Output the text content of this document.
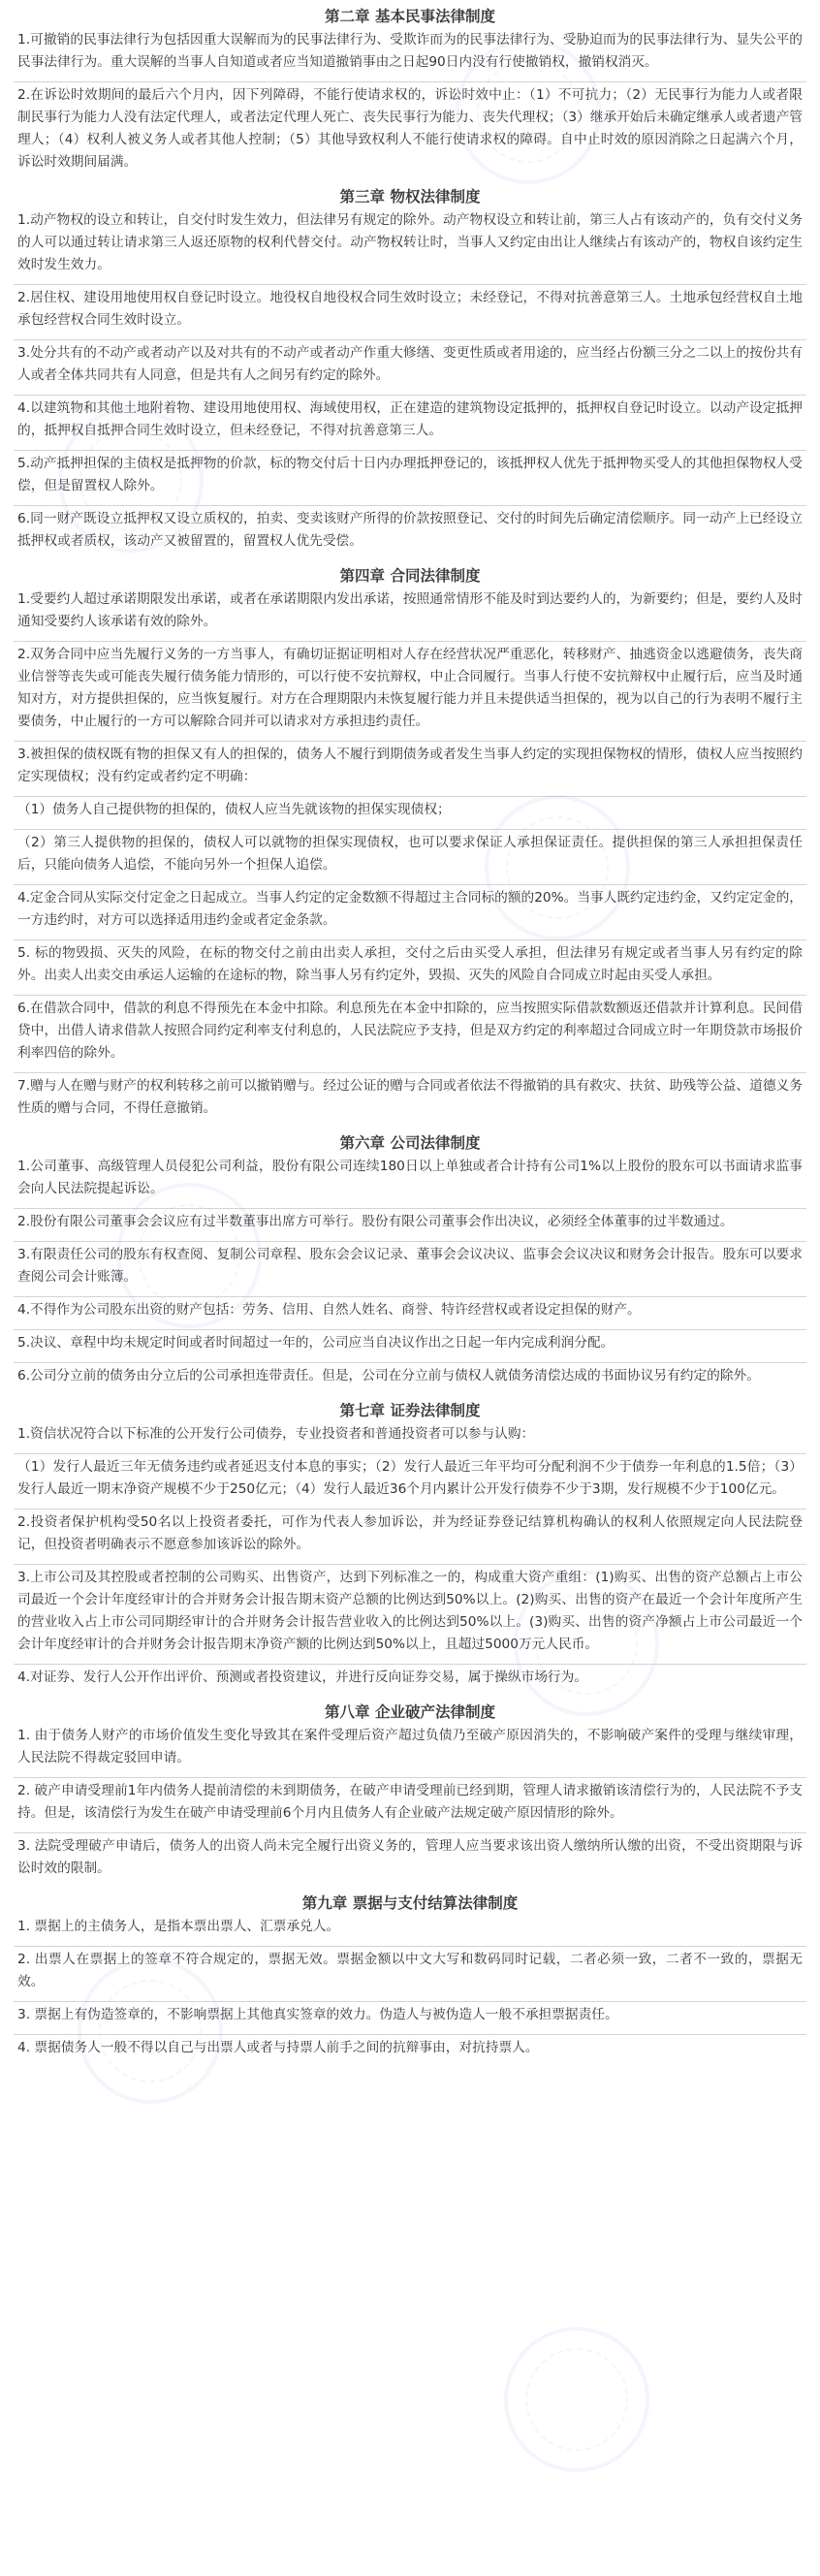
第二章 基本民事法律制度
1.可撤销的民事法律行为包括因重大误解而为的民事法律行为、受欺诈而为的民事法律行为、受胁迫而为的民事法律行为、显失公平的民事法律行为。重大误解的当事人自知道或者应当知道撤销事由之日起90日内没有行使撤销权，撤销权消灭。
2.在诉讼时效期间的最后六个月内，因下列障碍，不能行使请求权的，诉讼时效中止：（1）不可抗力；（2）无民事行为能力人或者限制民事行为能力人没有法定代理人，或者法定代理人死亡、丧失民事行为能力、丧失代理权；（3）继承开始后未确定继承人或者遗产管理人；（4）权利人被义务人或者其他人控制；（5）其他导致权利人不能行使请求权的障碍。自中止时效的原因消除之日起满六个月，诉讼时效期间届满。
第三章 物权法律制度
1.动产物权的设立和转让，自交付时发生效力，但法律另有规定的除外。动产物权设立和转让前，第三人占有该动产的，负有交付义务的人可以通过转让请求第三人返还原物的权利代替交付。动产物权转让时，当事人又约定由出让人继续占有该动产的，物权自该约定生效时发生效力。
2.居住权、建设用地使用权自登记时设立。地役权自地役权合同生效时设立；未经登记，不得对抗善意第三人。土地承包经营权自土地承包经营权合同生效时设立。
3.处分共有的不动产或者动产以及对共有的不动产或者动产作重大修缮、变更性质或者用途的，应当经占份额三分之二以上的按份共有人或者全体共同共有人同意，但是共有人之间另有约定的除外。
4.以建筑物和其他土地附着物、建设用地使用权、海域使用权，正在建造的建筑物设定抵押的，抵押权自登记时设立。以动产设定抵押的，抵押权自抵押合同生效时设立，但未经登记，不得对抗善意第三人。
5.动产抵押担保的主债权是抵押物的价款，标的物交付后十日内办理抵押登记的，该抵押权人优先于抵押物买受人的其他担保物权人受偿，但是留置权人除外。
6.同一财产既设立抵押权又设立质权的，拍卖、变卖该财产所得的价款按照登记、交付的时间先后确定清偿顺序。同一动产上已经设立抵押权或者质权，该动产又被留置的，留置权人优先受偿。
第四章 合同法律制度
1.受要约人超过承诺期限发出承诺，或者在承诺期限内发出承诺，按照通常情形不能及时到达要约人的，为新要约；但是，要约人及时通知受要约人该承诺有效的除外。
2.双务合同中应当先履行义务的一方当事人，有确切证据证明相对人存在经营状况严重恶化，转移财产、抽逃资金以逃避债务，丧失商业信誉等丧失或可能丧失履行债务能力情形的，可以行使不安抗辩权，中止合同履行。当事人行使不安抗辩权中止履行后，应当及时通知对方，对方提供担保的，应当恢复履行。对方在合理期限内未恢复履行能力并且未提供适当担保的，视为以自己的行为表明不履行主要债务，中止履行的一方可以解除合同并可以请求对方承担违约责任。
3.被担保的债权既有物的担保又有人的担保的，债务人不履行到期债务或者发生当事人约定的实现担保物权的情形，债权人应当按照约定实现债权；没有约定或者约定不明确：
（1）债务人自己提供物的担保的，债权人应当先就该物的担保实现债权；
（2）第三人提供物的担保的，债权人可以就物的担保实现债权，也可以要求保证人承担保证责任。提供担保的第三人承担担保责任后，只能向债务人追偿，不能向另外一个担保人追偿。
4.定金合同从实际交付定金之日起成立。当事人约定的定金数额不得超过主合同标的额的20%。当事人既约定违约金，又约定定金的，一方违约时，对方可以选择适用违约金或者定金条款。
5. 标的物毁损、灭失的风险，在标的物交付之前由出卖人承担，交付之后由买受人承担，但法律另有规定或者当事人另有约定的除外。出卖人出卖交由承运人运输的在途标的物，除当事人另有约定外，毁损、灭失的风险自合同成立时起由买受人承担。
6.在借款合同中，借款的利息不得预先在本金中扣除。利息预先在本金中扣除的，应当按照实际借款数额返还借款并计算利息。民间借贷中，出借人请求借款人按照合同约定利率支付利息的，人民法院应予支持，但是双方约定的利率超过合同成立时一年期贷款市场报价利率四倍的除外。
7.赠与人在赠与财产的权利转移之前可以撤销赠与。经过公证的赠与合同或者依法不得撤销的具有救灾、扶贫、助残等公益、道德义务性质的赠与合同，不得任意撤销。
第六章 公司法律制度
1.公司董事、高级管理人员侵犯公司利益，股份有限公司连续180日以上单独或者合计持有公司1%以上股份的股东可以书面请求监事会向人民法院提起诉讼。
2.股份有限公司董事会会议应有过半数董事出席方可举行。股份有限公司董事会作出决议，必须经全体董事的过半数通过。
3.有限责任公司的股东有权查阅、复制公司章程、股东会会议记录、董事会会议决议、监事会会议决议和财务会计报告。股东可以要求查阅公司会计账簿。
4.不得作为公司股东出资的财产包括：劳务、信用、自然人姓名、商誉、特许经营权或者设定担保的财产。
5.决议、章程中均未规定时间或者时间超过一年的，公司应当自决议作出之日起一年内完成利润分配。
6.公司分立前的债务由分立后的公司承担连带责任。但是，公司在分立前与债权人就债务清偿达成的书面协议另有约定的除外。
第七章 证券法律制度
1.资信状况符合以下标准的公开发行公司债券，专业投资者和普通投资者可以参与认购：
（1）发行人最近三年无债务违约或者延迟支付本息的事实；（2）发行人最近三年平均可分配利润不少于债券一年利息的1.5倍；（3）发行人最近一期末净资产规模不少于250亿元；（4）发行人最近36个月内累计公开发行债券不少于3期，发行规模不少于100亿元。
2.投资者保护机构受50名以上投资者委托，可作为代表人参加诉讼，并为经证券登记结算机构确认的权利人依照规定向人民法院登记，但投资者明确表示不愿意参加该诉讼的除外。
3.上市公司及其控股或者控制的公司购买、出售资产，达到下列标准之一的，构成重大资产重组：(1)购买、出售的资产总额占上市公司最近一个会计年度经审计的合并财务会计报告期末资产总额的比例达到50%以上。(2)购买、出售的资产在最近一个会计年度所产生的营业收入占上市公司同期经审计的合并财务会计报告营业收入的比例达到50%以上。(3)购买、出售的资产净额占上市公司最近一个会计年度经审计的合并财务会计报告期末净资产额的比例达到50%以上，且超过5000万元人民币。
4.对证券、发行人公开作出评价、预测或者投资建议，并进行反向证券交易，属于操纵市场行为。
第八章 企业破产法律制度
1. 由于债务人财产的市场价值发生变化导致其在案件受理后资产超过负债乃至破产原因消失的，不影响破产案件的受理与继续审理，人民法院不得裁定驳回申请。
2. 破产申请受理前1年内债务人提前清偿的未到期债务，在破产申请受理前已经到期，管理人请求撤销该清偿行为的，人民法院不予支持。但是，该清偿行为发生在破产申请受理前6个月内且债务人有企业破产法规定破产原因情形的除外。
3. 法院受理破产申请后，债务人的出资人尚未完全履行出资义务的，管理人应当要求该出资人缴纳所认缴的出资，不受出资期限与诉讼时效的限制。
第九章 票据与支付结算法律制度
1. 票据上的主债务人，是指本票出票人、汇票承兑人。
2. 出票人在票据上的签章不符合规定的，票据无效。票据金额以中文大写和数码同时记载，二者必须一致，二者不一致的，票据无效。
3. 票据上有伪造签章的，不影响票据上其他真实签章的效力。伪造人与被伪造人一般不承担票据责任。
4. 票据债务人一般不得以自己与出票人或者与持票人前手之间的抗辩事由，对抗持票人。
